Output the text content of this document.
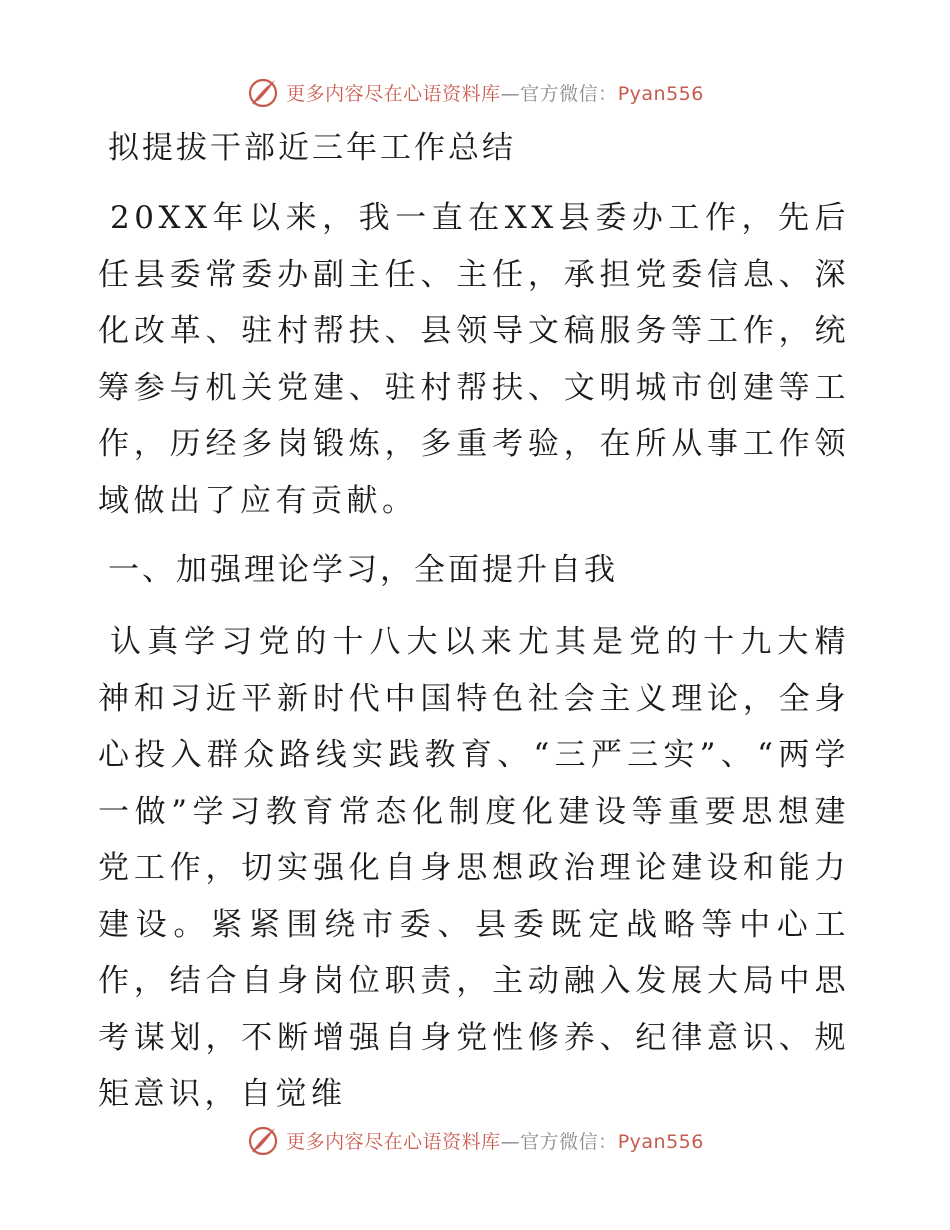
更多内容尽在心语资料库—官方微信：Pyan556
拟提拔干部近三年工作总结

20XX年以来，我一直在XX县委办工作，先后任县委常委办副主任、主任，承担党委信息、深化改革、驻村帮扶、县领导文稿服务等工作，统筹参与机关党建、驻村帮扶、文明城市创建等工作，历经多岗锻炼，多重考验，在所从事工作领域做出了应有贡献。

一、加强理论学习，全面提升自我

认真学习党的十八大以来尤其是党的十九大精神和习近平新时代中国特色社会主义理论，全身心投入群众路线实践教育、“三严三实”、“两学一做”学习教育常态化制度化建设等重要思想建党工作，切实强化自身思想政治理论建设和能力建设。紧紧围绕市委、县委既定战略等中心工作，结合自身岗位职责，主动融入发展大局中思考谋划，不断增强自身党性修养、纪律意识、规矩意识，自觉维

更多内容尽在心语资料库—官方微信：Pyan556
